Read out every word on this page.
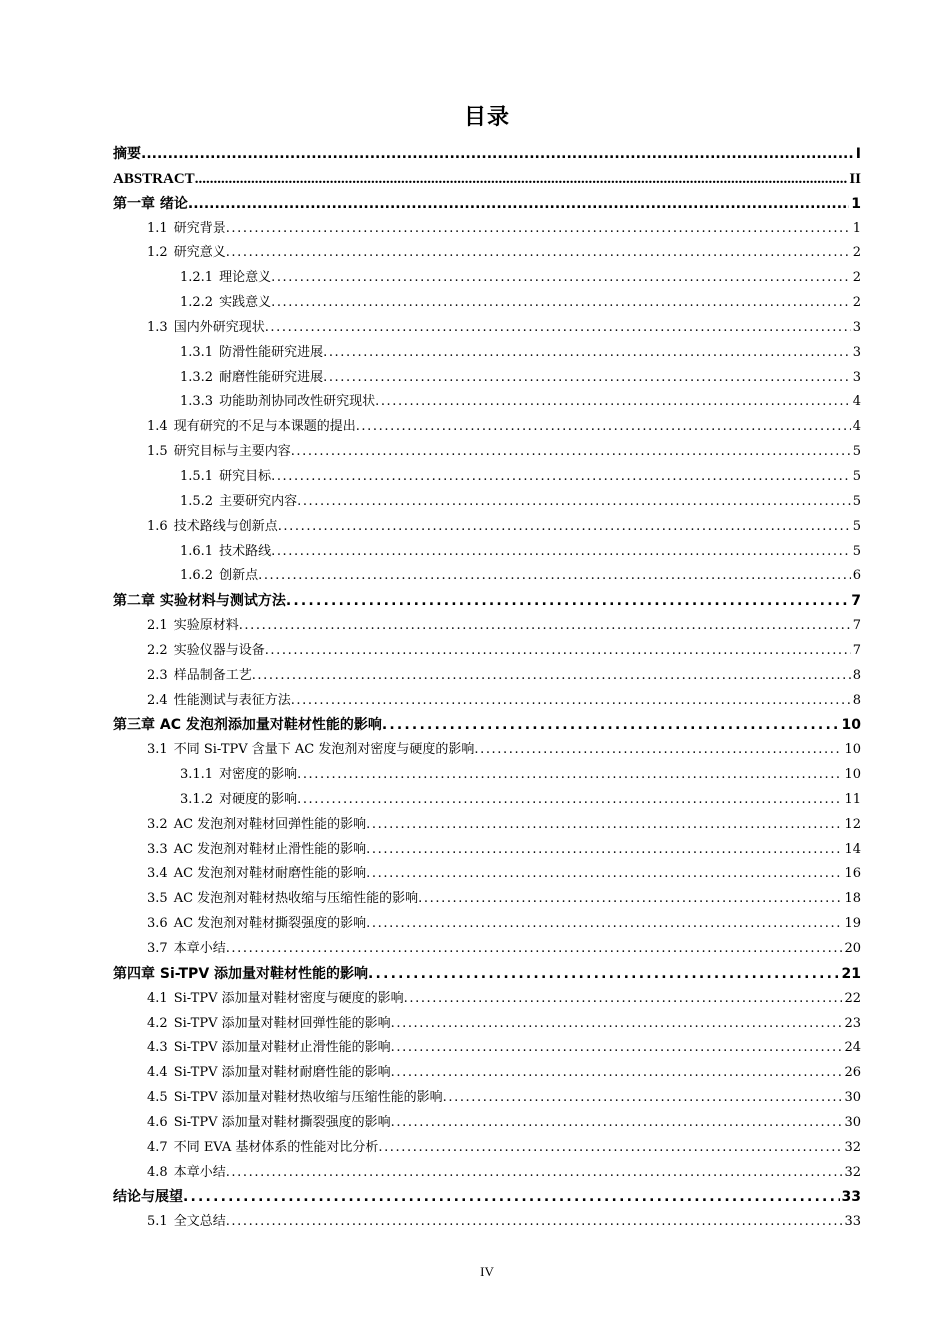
目录
摘要 .....	I
ABSTRACT .....	II
第一章 绪论 .....	1
1.1 研究背景 .....	1
1.2 研究意义 .....	2
1.2.1 理论意义 .....	2
1.2.2 实践意义 .....	2
1.3 国内外研究现状 .....	3
1.3.1 防滑性能研究进展 .....	3
1.3.2 耐磨性能研究进展 .....	3
1.3.3 功能助剂协同改性研究现状 .....	4
1.4 现有研究的不足与本课题的提出 .....	4
1.5 研究目标与主要内容 .....	5
1.5.1 研究目标 .....	5
1.5.2 主要研究内容 .....	5
1.6 技术路线与创新点 .....	5
1.6.1 技术路线 .....	5
1.6.2 创新点 .....	6
第二章 实验材料与测试方法 .....	7
2.1 实验原材料 .....	7
2.2 实验仪器与设备 .....	7
2.3 样品制备工艺 .....	8
2.4 性能测试与表征方法 .....	8
第三章 AC 发泡剂添加量对鞋材性能的影响 .....	10
3.1 不同 Si-TPV 含量下 AC 发泡剂对密度与硬度的影响 .....	10
3.1.1 对密度的影响 .....	10
3.1.2 对硬度的影响 .....	11
3.2 AC 发泡剂对鞋材回弹性能的影响 .....	12
3.3 AC 发泡剂对鞋材止滑性能的影响 .....	14
3.4 AC 发泡剂对鞋材耐磨性能的影响 .....	16
3.5 AC 发泡剂对鞋材热收缩与压缩性能的影响 .....	18
3.6 AC 发泡剂对鞋材撕裂强度的影响 .....	19
3.7 本章小结 .....	20
第四章 Si-TPV 添加量对鞋材性能的影响 .....	21
4.1 Si-TPV 添加量对鞋材密度与硬度的影响 .....	22
4.2 Si-TPV 添加量对鞋材回弹性能的影响 .....	23
4.3 Si-TPV 添加量对鞋材止滑性能的影响 .....	24
4.4 Si-TPV 添加量对鞋材耐磨性能的影响 .....	26
4.5 Si-TPV 添加量对鞋材热收缩与压缩性能的影响 .....	30
4.6 Si-TPV 添加量对鞋材撕裂强度的影响 .....	30
4.7 不同 EVA 基材体系的性能对比分析 .....	32
4.8 本章小结 .....	32
结论与展望 .....	33
5.1 全文总结 .....	33
IV
